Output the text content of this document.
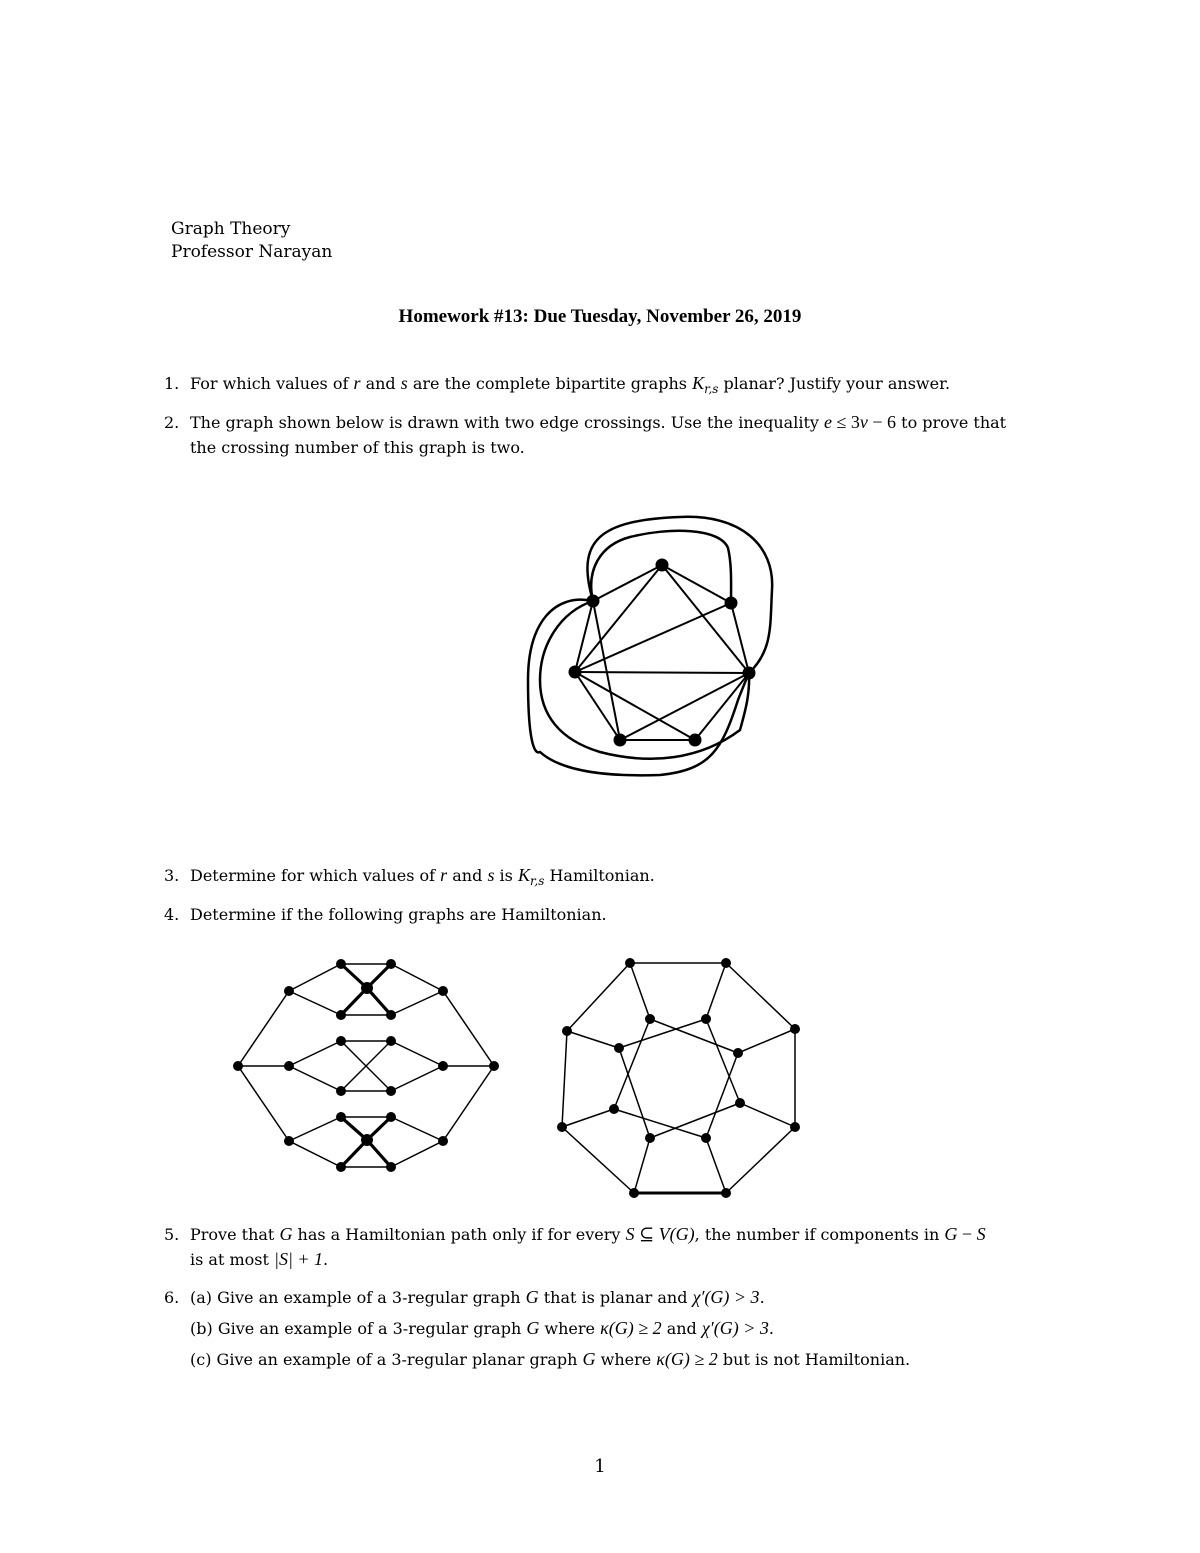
Graph Theory
Professor Narayan
Homework #13: Due Tuesday, November 26, 2019
1. For which values of r and s are the complete bipartite graphs $K_{r,s}$ planar? Justify your answer.
2. The graph shown below is drawn with two edge crossings. Use the inequality e ≤ 3v − 6 to prove that
the crossing number of this graph is two.
3. Determine for which values of r and s is $K_{r,s}$ Hamiltonian.
4. Determine if the following graphs are Hamiltonian.
5. Prove that G has a Hamiltonian path only if for every S ⊆ V(G), the number if components in G − S
is at most |S| + 1.
6. (a) Give an example of a 3-regular graph G that is planar and χ′(G) > 3.
(b) Give an example of a 3-regular graph G where κ(G) ≥ 2 and χ′(G) > 3.
(c) Give an example of a 3-regular planar graph G where κ(G) ≥ 2 but is not Hamiltonian.
1
